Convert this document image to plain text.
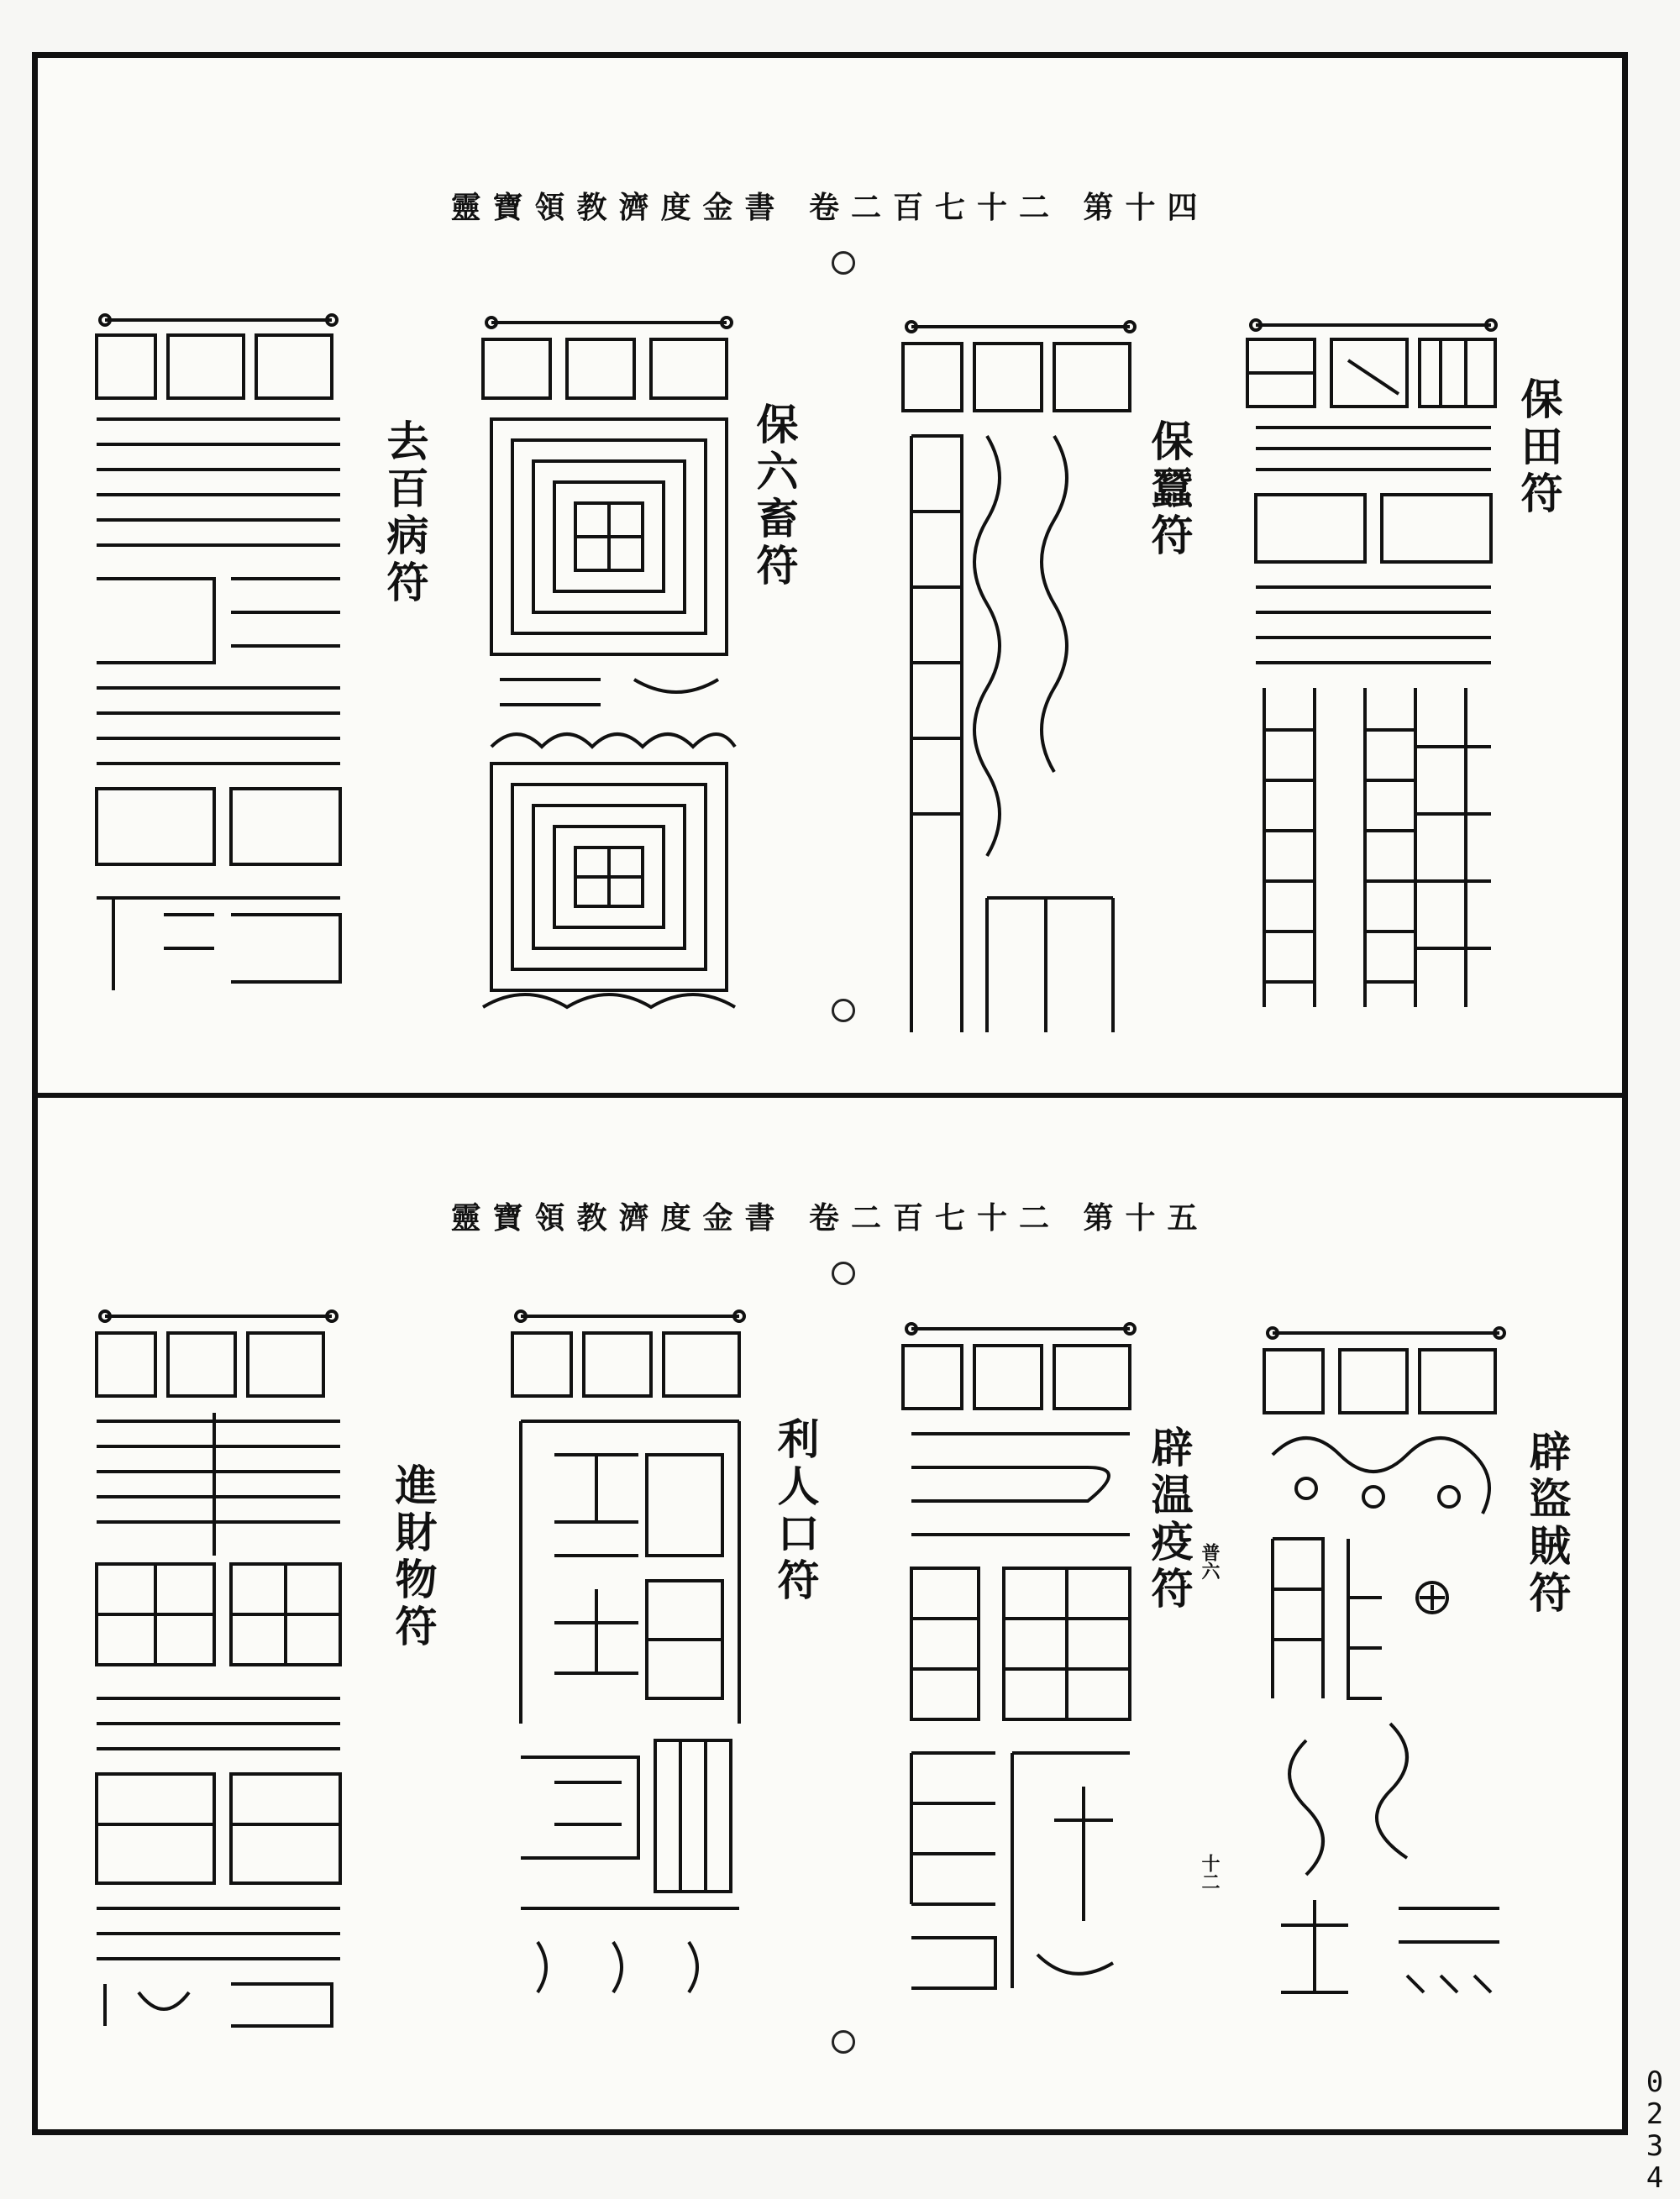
靈寶領教濟度金書 卷二百七十二 第十四
保田符
保蠶符
保六畜符
去百病符
靈寶領教濟度金書 卷二百七十二 第十五
辟盜賊符
辟温疫符 普六
十二
利人口符
進財物符
0234
